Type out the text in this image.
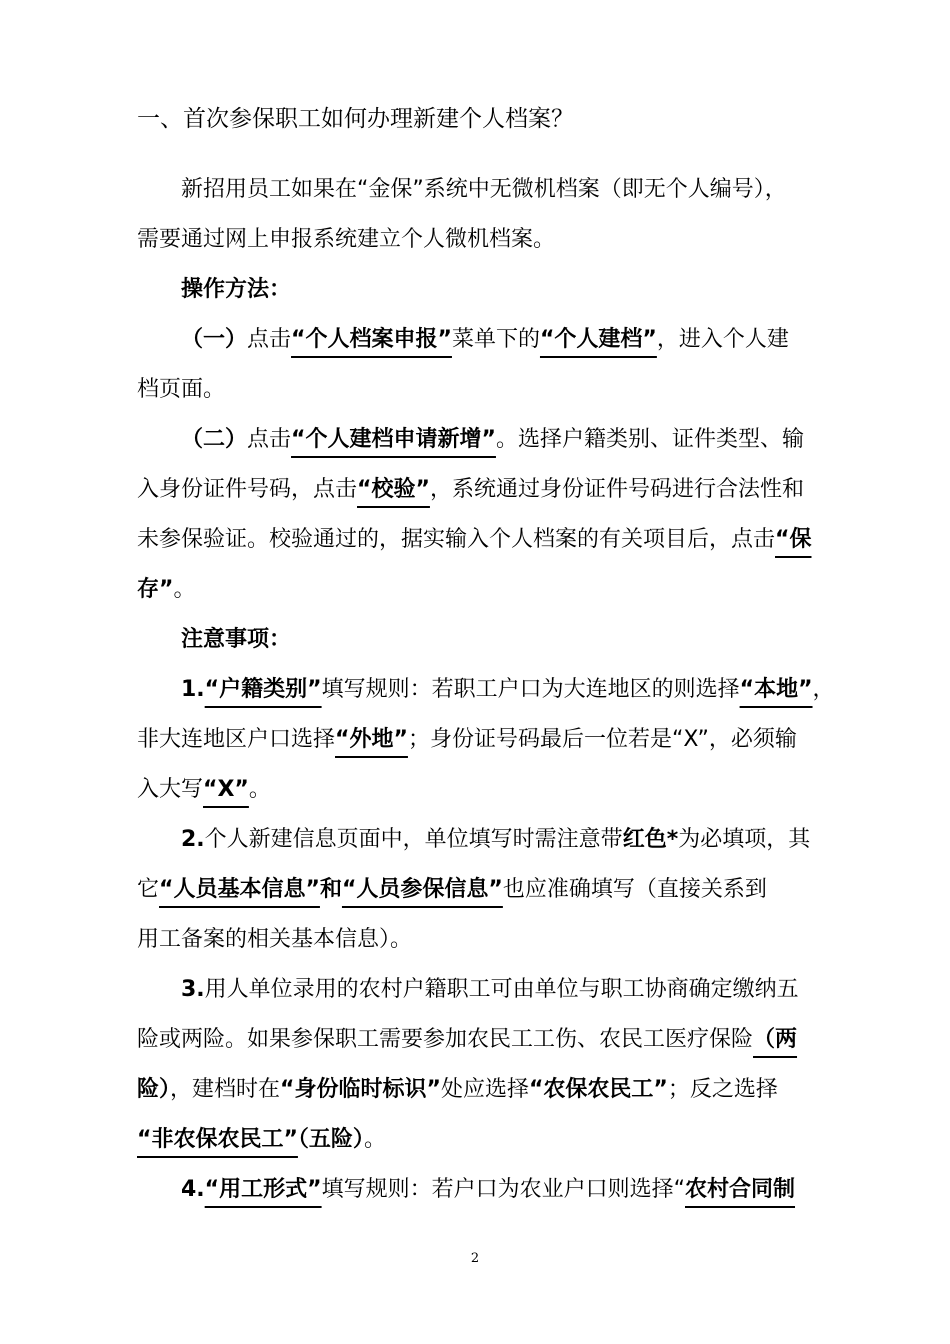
一、首次参保职工如何办理新建个人档案？
新招用员工如果在“金保”系统中无微机档案（即无个人编号），
需要通过网上申报系统建立个人微机档案。
操作方法：
（一）点击“个人档案申报”菜单下的“个人建档”，进入个人建
档页面。
（二）点击“个人建档申请新增”。选择户籍类别、证件类型、输
入身份证件号码，点击“校验”，系统通过身份证件号码进行合法性和
未参保验证。校验通过的，据实输入个人档案的有关项目后，点击“保
存”。
注意事项：
1.“户籍类别”填写规则：若职工户口为大连地区的则选择“本地”，
非大连地区户口选择“外地”；身份证号码最后一位若是“X”，必须输
入大写“X”。
2.个人新建信息页面中，单位填写时需注意带红色*为必填项，其
它“人员基本信息”和“人员参保信息”也应准确填写（直接关系到
用工备案的相关基本信息）。
3.用人单位录用的农村户籍职工可由单位与职工协商确定缴纳五
险或两险。如果参保职工需要参加农民工工伤、农民工医疗保险（两
险），建档时在“身份临时标识”处应选择“农保农民工”；反之选择
“非农保农民工”（五险）。
4.“用工形式”填写规则：若户口为农业户口则选择“农村合同制
2
